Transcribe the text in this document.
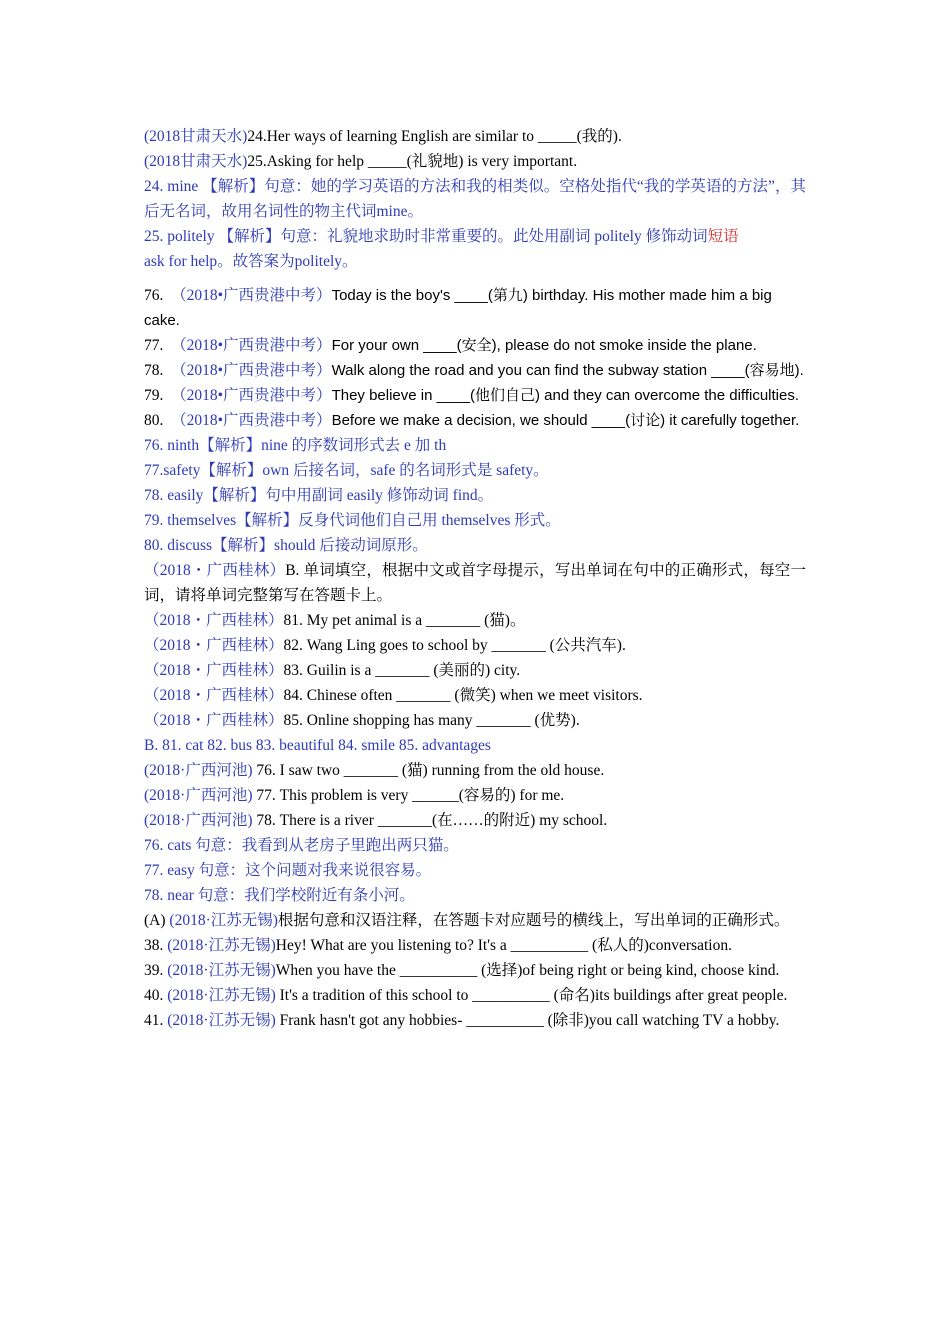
(2018甘肃天水)24.Her ways of learning English are similar to _____(我的).
(2018甘肃天水)25.Asking for help _____(礼貌地) is very important.
24. mine 【解析】句意：她的学习英语的方法和我的相类似。空格处指代“我的学英语的方法”，其后无名词，故用名词性的物主代词mine。
25. politely 【解析】句意：礼貌地求助时非常重要的。此处用副词 politely 修饰动词短语
ask for help。故答案为politely。
76. （2018•广西贵港中考）Today is the boy's ____(第九) birthday. His mother made him a big cake.
77. （2018•广西贵港中考）For your own ____(安全), please do not smoke inside the plane.
78. （2018•广西贵港中考）Walk along the road and you can find the subway station ____(容易地).
79. （2018•广西贵港中考）They believe in ____(他们自己) and they can overcome the difficulties.
80. （2018•广西贵港中考）Before we make a decision, we should ____(讨论) it carefully together.
76. ninth【解析】nine 的序数词形式去 e 加 th
77.safety【解析】own 后接名词，safe 的名词形式是 safety。
78. easily【解析】句中用副词 easily 修饰动词 find。
79. themselves【解析】反身代词他们自己用 themselves 形式。
80. discuss【解析】should 后接动词原形。
（2018・广西桂林）B. 单词填空，根据中文或首字母提示，写出单词在句中的正确形式，每空一词，请将单词完整第写在答题卡上。
（2018・广西桂林）81. My pet animal is a _______ (猫)。
（2018・广西桂林）82. Wang Ling goes to school by _______ (公共汽车).
（2018・广西桂林）83. Guilin is a _______ (美丽的) city.
（2018・广西桂林）84. Chinese often _______ (微笑) when we meet visitors.
（2018・广西桂林）85. Online shopping has many _______ (优势).
B. 81. cat 82. bus 83. beautiful 84. smile 85. advantages
(2018·广西河池) 76. I saw two _______ (猫) running from the old house.
(2018·广西河池) 77. This problem is very ______(容易的) for me.
(2018·广西河池) 78. There is a river _______(在……的附近) my school.
76. cats 句意：我看到从老房子里跑出两只猫。
77. easy 句意：这个问题对我来说很容易。
78. near 句意：我们学校附近有条小河。
(A) (2018·江苏无锡)根据句意和汉语注释，在答题卡对应题号的横线上，写出单词的正确形式。
38. (2018·江苏无锡)Hey! What are you listening to? It's a __________ (私人的)conversation.
39. (2018·江苏无锡)When you have the __________ (选择)of being right or being kind, choose kind.
40. (2018·江苏无锡) It's a tradition of this school to __________ (命名)its buildings after great people.
41. (2018·江苏无锡) Frank hasn't got any hobbies- __________ (除非)you call watching TV a hobby.
